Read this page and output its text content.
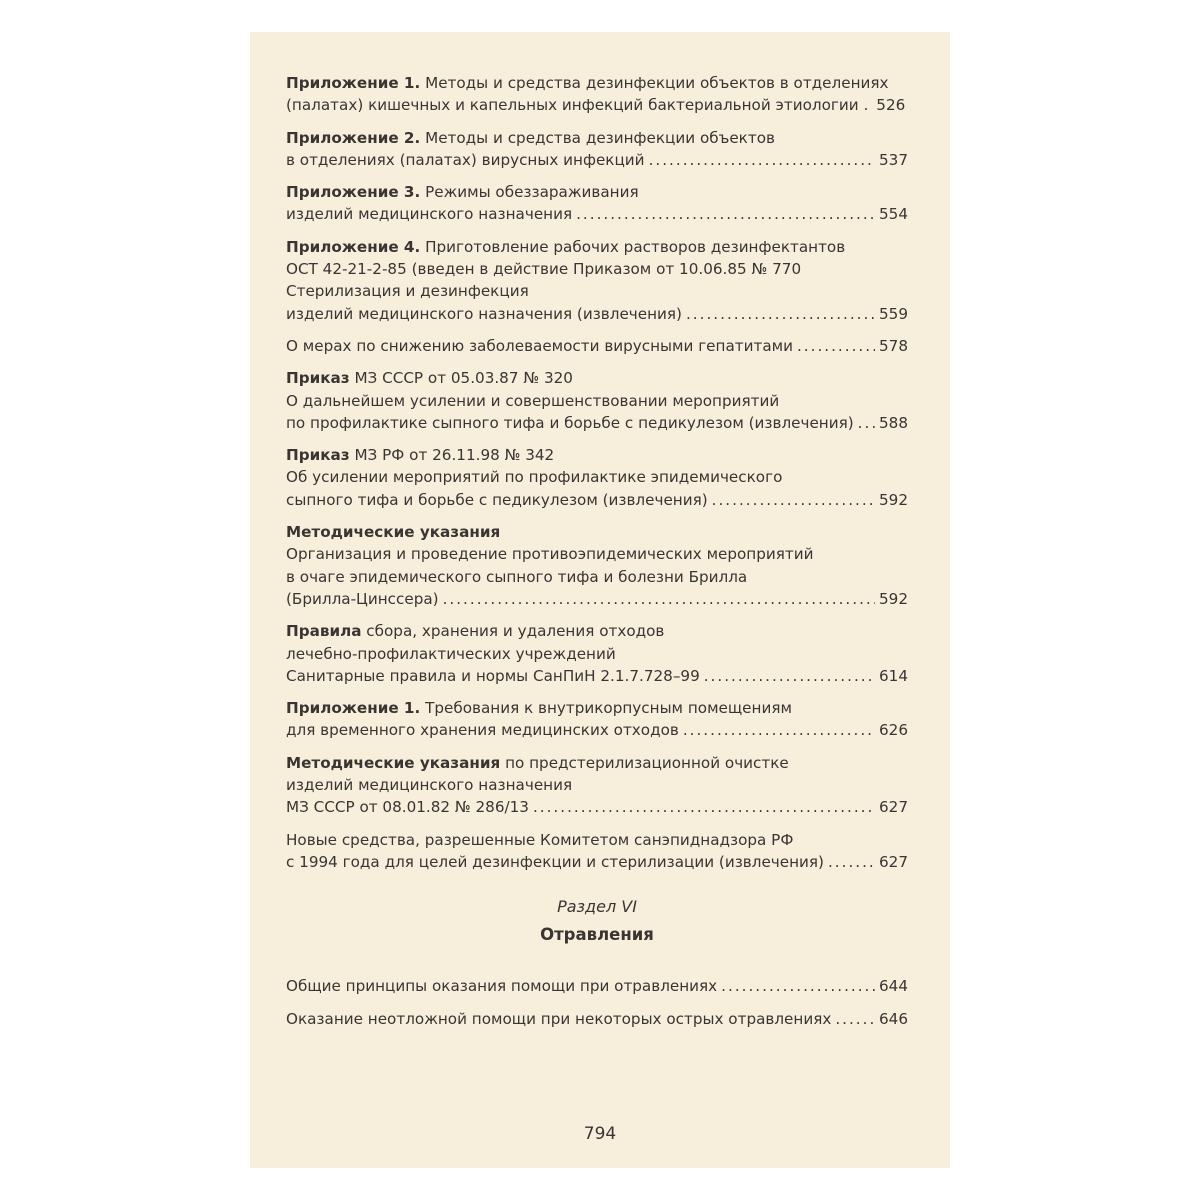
Приложение 1.
Методы и средства дезинфекции объектов в отделениях
(палатах) кишечных и капельных инфекций бактериальной этиологии . 526
Приложение 2.
Методы и средства дезинфекции объектов
в отделениях (палатах) вирусных инфекций .....	537
Приложение 3.
Режимы обеззараживания
изделий медицинского назначения .....	554
Приложение 4.
Приготовление рабочих растворов дезинфектантов
ОСТ 42-21-2-85 (введен в действие Приказом от 10.06.85 № 770
Стерилизация и дезинфекция
изделий медицинского назначения (извлечения) .....	559
О мерах по снижению заболеваемости вирусными гепатитами .....	578
Приказ
МЗ СССР от 05.03.87 № 320
О дальнейшем усилении и совершенствовании мероприятий
по профилактике сыпного тифа и борьбе с педикулезом (извлечения) ..... 588
Приказ
МЗ РФ от 26.11.98 № 342
Об усилении мероприятий по профилактике эпидемического
сыпного тифа и борьбе с педикулезом (извлечения) .....	592
Методические указания
Организация и проведение противоэпидемических мероприятий
в очаге эпидемического сыпного тифа и болезни Брилла
(Брилла-Цинссера) .....	592
Правила
сбора, хранения и удаления отходов
лечебно-профилактических учреждений
Санитарные правила и нормы СанПиН 2.1.7.728–99 .....	614
Приложение 1.
Требования к внутрикорпусным помещениям
для временного хранения медицинских отходов .....	626
Методические указания
по предстерилизационной очистке
изделий медицинского назначения
МЗ СССР от 08.01.82 № 286/13 .....	627
Новые средства, разрешенные Комитетом санэпиднадзора РФ
с 1994 года для целей дезинфекции и стерилизации (извлечения) .....	627
Раздел VI
Отравления
Общие принципы оказания помощи при отравлениях .....	644
Оказание неотложной помощи при некоторых острых отравлениях .....	646
794
